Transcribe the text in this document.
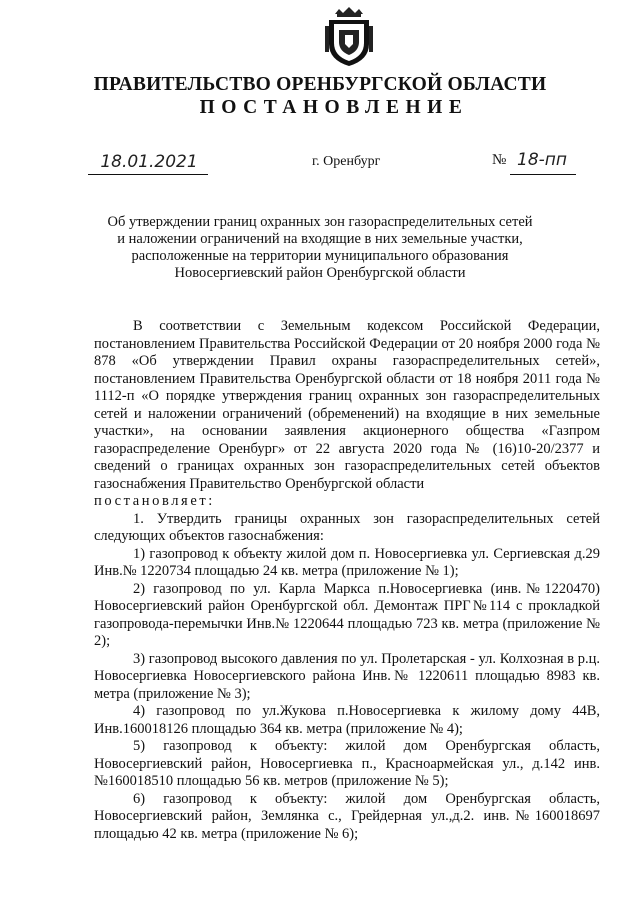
ПРАВИТЕЛЬСТВО ОРЕНБУРГСКОЙ ОБЛАСТИ
ПОСТАНОВЛЕНИЕ
18.01.2021	г. Оренбург	№ 18-пп
Об утверждении границ охранных зон газораспределительных сетей
и наложении ограничений на входящие в них земельные участки,
расположенные на территории муниципального образования
Новосергиевский район Оренбургской области

В соответствии с Земельным кодексом Российской Федерации, постановлением Правительства Российской Федерации от 20 ноября 2000 года № 878 «Об утверждении Правил охраны газораспределительных сетей», постановлением Правительства Оренбургской области от 18 ноября 2011 года № 1112-п «О порядке утверждения границ охранных зон газораспределительных сетей и наложении ограничений (обременений) на входящие в них земельные участки», на основании заявления акционерного общества «Газпром газораспределение Оренбург» от 22 августа 2020 года № (16)10-20/2377 и сведений о границах охранных зон газораспределительных сетей объектов газоснабжения Правительство Оренбургской области

постановляет:

1. Утвердить границы охранных зон газораспределительных сетей следующих объектов газоснабжения:

1) газопровод к объекту жилой дом п. Новосергиевка ул. Сергиевская д.29 Инв.№ 1220734 площадью 24 кв. метра (приложение № 1);

2) газопровод по ул. Карла Маркса п.Новосергиевка (инв.№1220470) Новосергиевский район Оренбургской обл. Демонтаж ПРГ№114 с прокладкой газопровода-перемычки Инв.№ 1220644 площадью 723 кв. метра (приложение № 2);

3) газопровод высокого давления по ул. Пролетарская - ул. Колхозная в р.ц. Новосергиевка Новосергиевского района Инв.№ 1220611 площадью 8983 кв. метра (приложение № 3);

4) газопровод по ул.Жукова п.Новосергиевка к жилому дому 44В, Инв.160018126 площадью 364 кв. метра (приложение № 4);

5) газопровод к объекту: жилой дом Оренбургская область, Новосергиевский район, Новосергиевка п., Красноармейская ул., д.142 инв.№160018510 площадью 56 кв. метров (приложение № 5);

6) газопровод к объекту: жилой дом Оренбургская область, Новосергиевский район, Землянка с., Грейдерная ул.,д.2. инв.№160018697 площадью 42 кв. метра (приложение № 6);
